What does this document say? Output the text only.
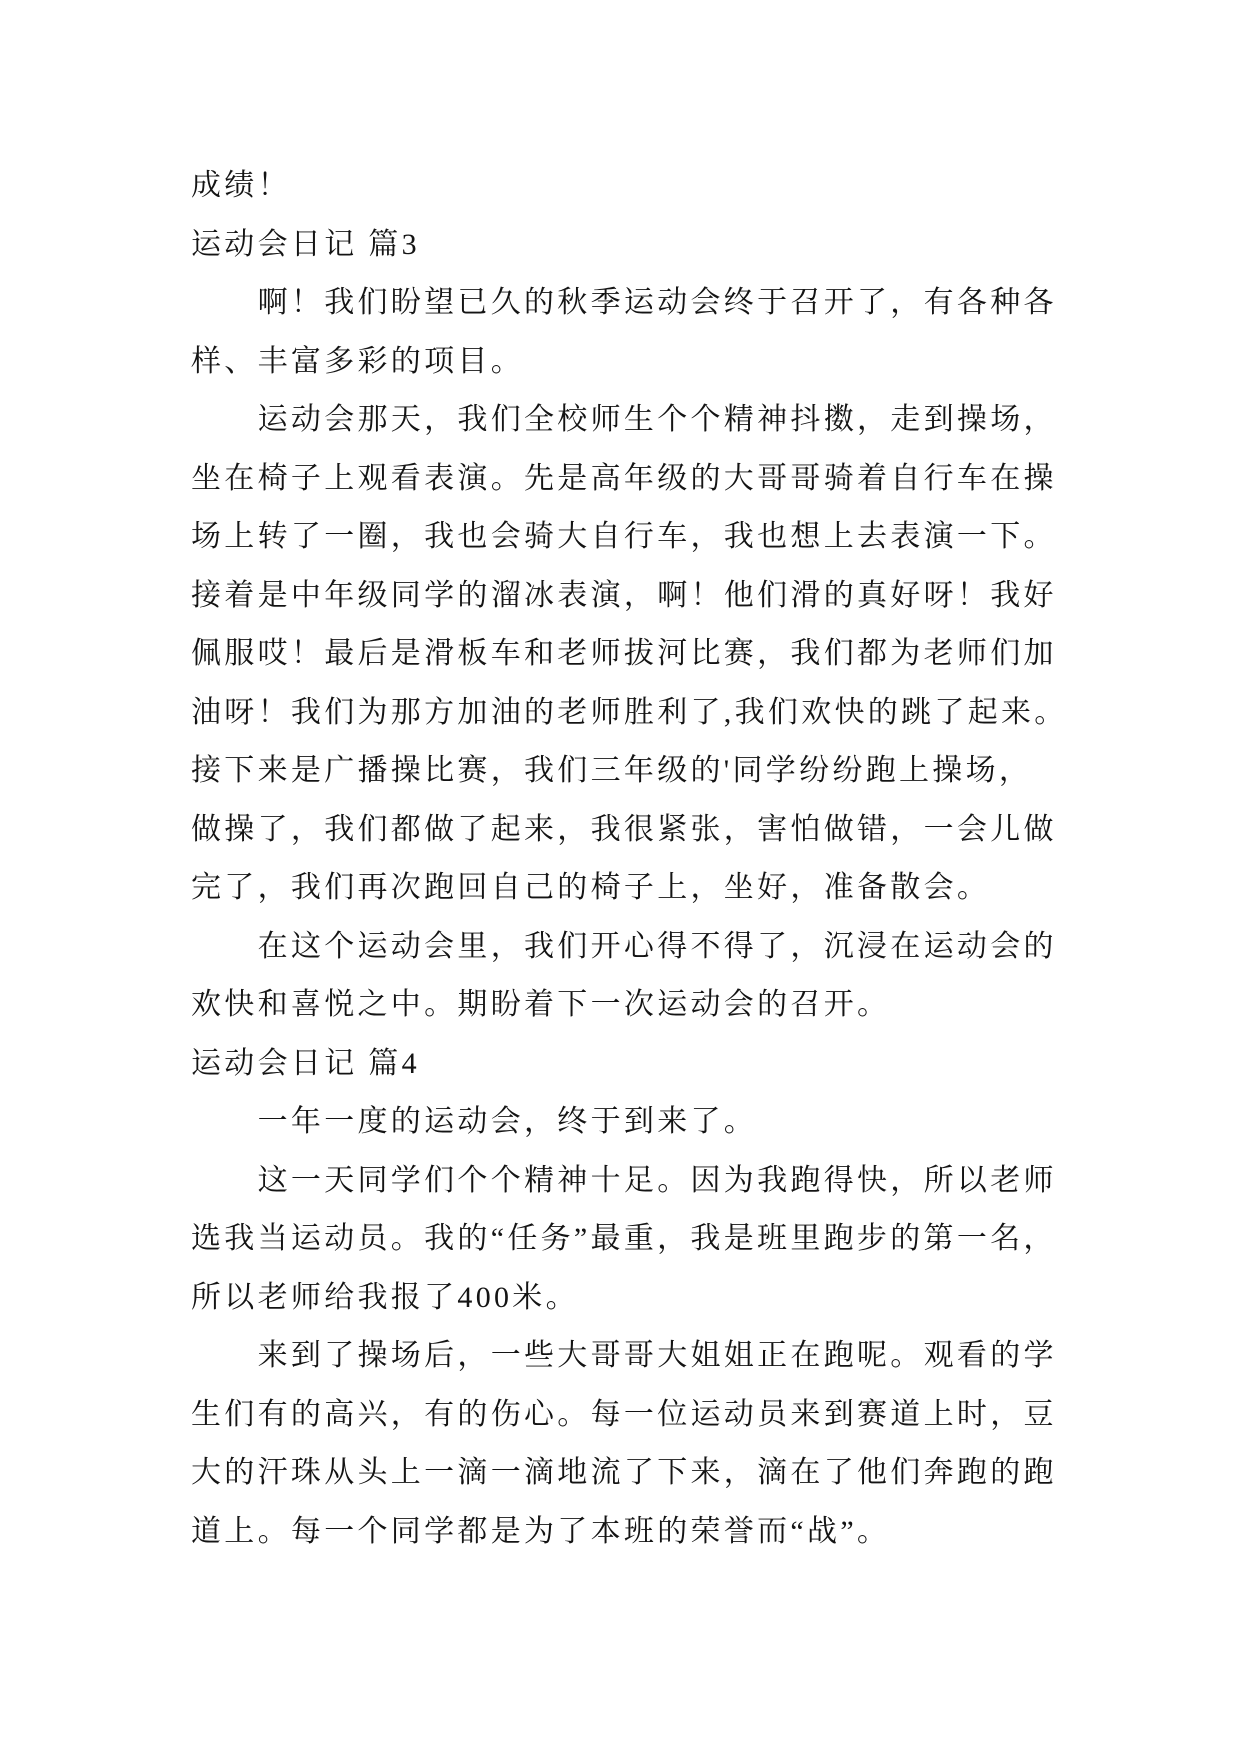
成绩！
运动会日记 篇3
啊！我们盼望已久的秋季运动会终于召开了，有各种各
样、丰富多彩的项目。
运动会那天，我们全校师生个个精神抖擞，走到操场，
坐在椅子上观看表演。先是高年级的大哥哥骑着自行车在操
场上转了一圈，我也会骑大自行车，我也想上去表演一下。
接着是中年级同学的溜冰表演，啊！他们滑的真好呀！我好
佩服哎！最后是滑板车和老师拔河比赛，我们都为老师们加
油呀！我们为那方加油的老师胜利了,我们欢快的跳了起来。
接下来是广播操比赛，我们三年级的'同学纷纷跑上操场，
做操了，我们都做了起来，我很紧张，害怕做错，一会儿做
完了，我们再次跑回自己的椅子上，坐好，准备散会。
在这个运动会里，我们开心得不得了，沉浸在运动会的
欢快和喜悦之中。期盼着下一次运动会的召开。
运动会日记 篇4
一年一度的运动会，终于到来了。
这一天同学们个个精神十足。因为我跑得快，所以老师
选我当运动员。我的“任务”最重，我是班里跑步的第一名，
所以老师给我报了400米。
来到了操场后，一些大哥哥大姐姐正在跑呢。观看的学
生们有的高兴，有的伤心。每一位运动员来到赛道上时，豆
大的汗珠从头上一滴一滴地流了下来，滴在了他们奔跑的跑
道上。每一个同学都是为了本班的荣誉而“战”。
